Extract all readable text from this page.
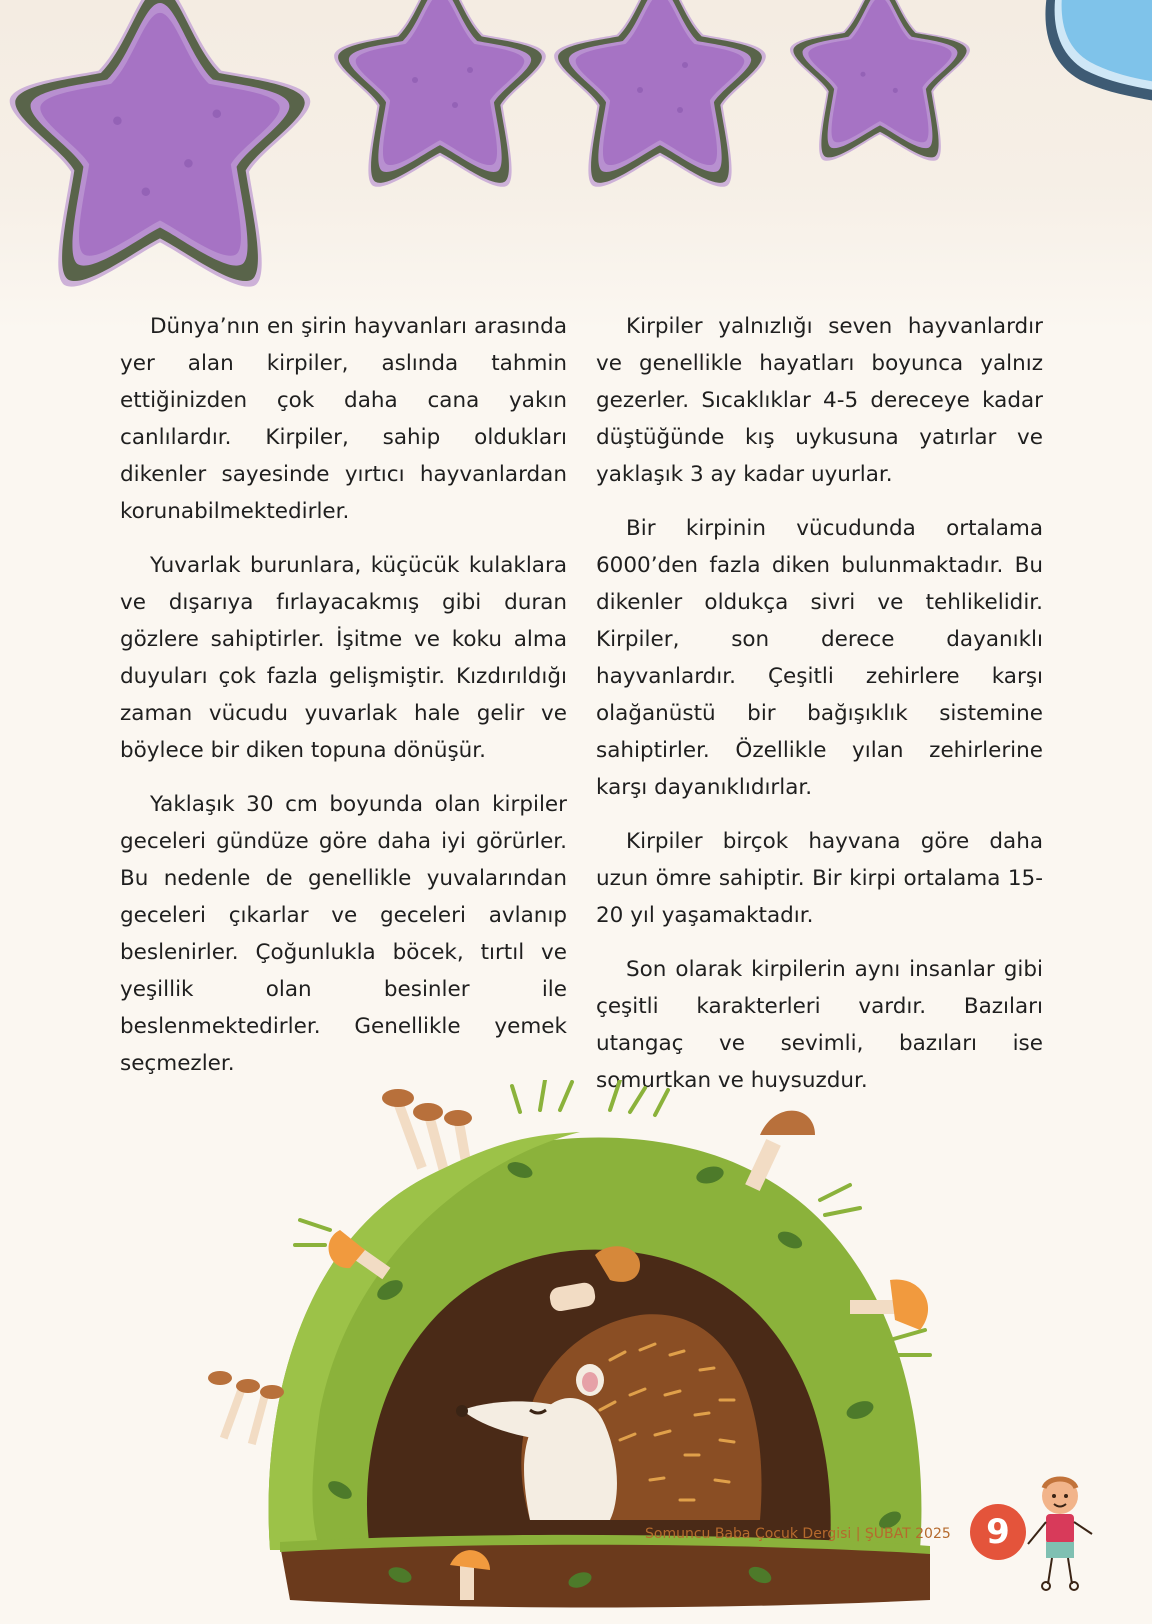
Dünya’nın en şirin hayvanları arasında yer alan kirpiler, aslında tahmin ettiğinizden çok daha cana yakın canlılardır. Kirpiler, sahip oldukları dikenler sayesinde yırtıcı hayvanlardan korunabilmektedirler.

Yuvarlak burunlara, küçücük kulaklara ve dışarıya fırlayacakmış gibi duran gözlere sahiptirler. İşitme ve koku alma duyuları çok fazla gelişmiştir. Kızdırıldığı zaman vücudu yuvarlak hale gelir ve böylece bir diken topuna dönüşür.

Yaklaşık 30 cm boyunda olan kirpiler geceleri gündüze göre daha iyi görürler. Bu nedenle de genellikle yuvalarından geceleri çıkarlar ve geceleri avlanıp beslenirler. Çoğunlukla böcek, tırtıl ve yeşillik olan besinler ile beslenmektedirler. Genellikle yemek seçmezler.

Kirpiler yalnızlığı seven hayvanlardır ve genellikle hayatları boyunca yalnız gezerler. Sıcaklıklar 4-5 dereceye kadar düştüğünde kış uykusuna yatırlar ve yaklaşık 3 ay kadar uyurlar.

Bir kirpinin vücudunda ortalama 6000’den fazla diken bulunmaktadır. Bu dikenler oldukça sivri ve tehlikelidir. Kirpiler, son derece dayanıklı hayvanlardır. Çeşitli zehirlere karşı olağanüstü bir bağışıklık sistemine sahiptirler. Özellikle yılan zehirlerine karşı dayanıklıdırlar.

Kirpiler birçok hayvana göre daha uzun ömre sahiptir. Bir kirpi ortalama 15-20 yıl yaşamaktadır.

Son olarak kirpilerin aynı insanlar gibi çeşitli karakterleri vardır. Bazıları utangaç ve sevimli, bazıları ise somurtkan ve huysuzdur.

Somuncu Baba Çocuk Dergisi | ŞUBAT 2025	9
